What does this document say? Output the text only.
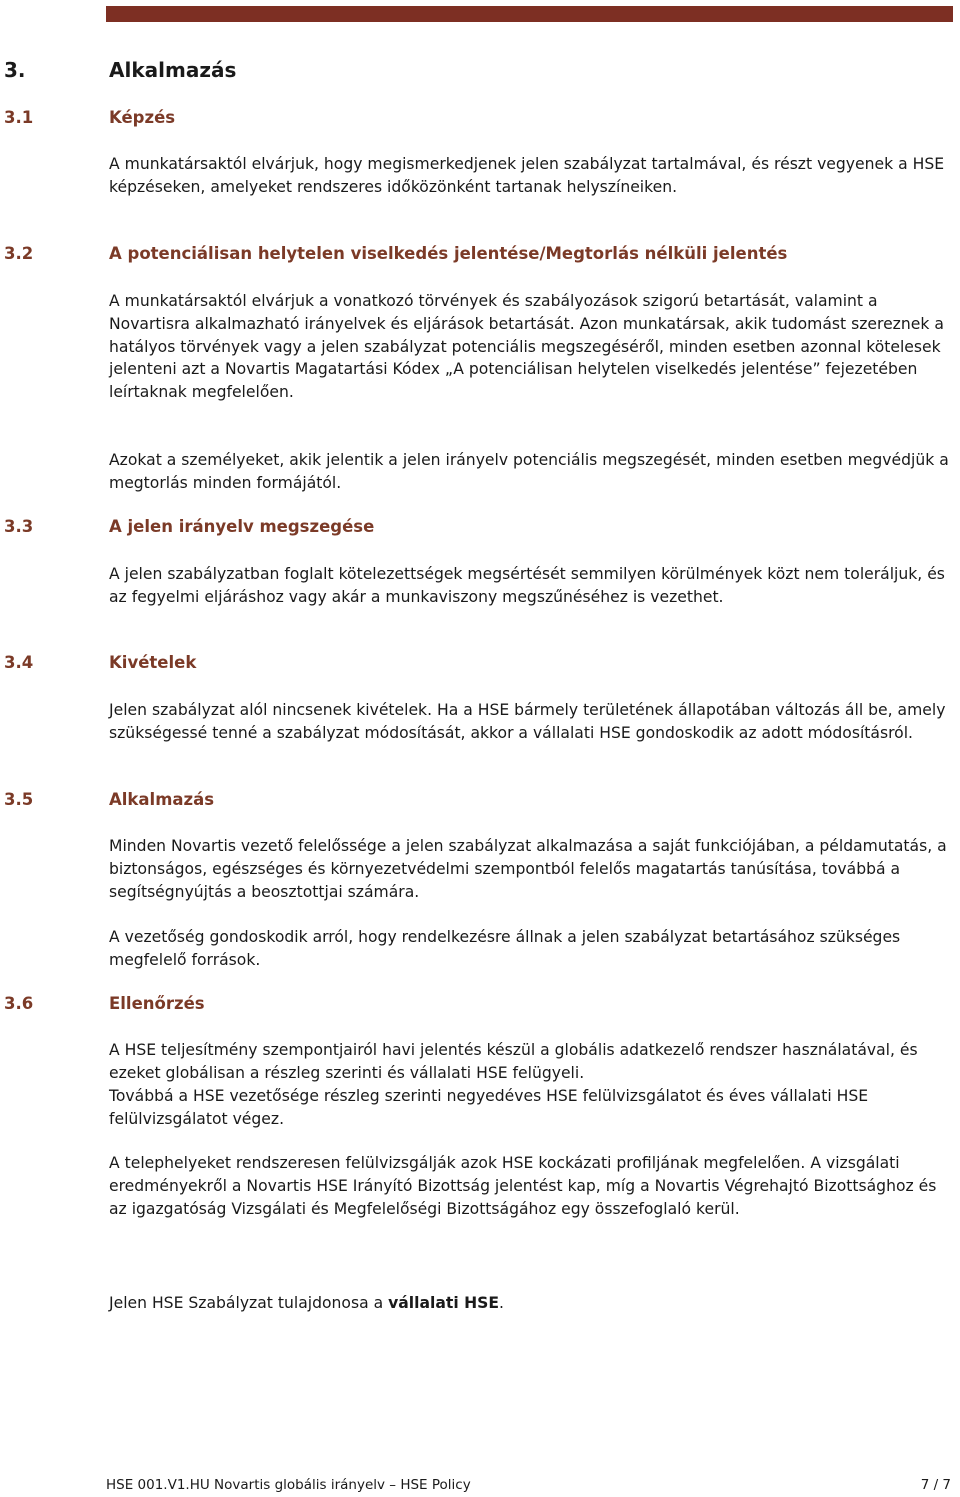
3.	Alkalmazás
3.1	Képzés

A munkatársaktól elvárjuk, hogy megismerkedjenek jelen szabályzat tartalmával, és részt vegyenek a HSE képzéseken, amelyeket rendszeres időközönként tartanak helyszíneiken.

3.2	A potenciálisan helytelen viselkedés jelentése/Megtorlás nélküli jelentés

A munkatársaktól elvárjuk a vonatkozó törvények és szabályozások szigorú betartását, valamint a Novartisra alkalmazható irányelvek és eljárások betartását. Azon munkatársak, akik tudomást szereznek a hatályos törvények vagy a jelen szabályzat potenciális megszegéséről, minden esetben azonnal kötelesek jelenteni azt a Novartis Magatartási Kódex „A potenciálisan helytelen viselkedés jelentése” fejezetében leírtaknak megfelelően.

Azokat a személyeket, akik jelentik a jelen irányelv potenciális megszegését, minden esetben megvédjük a megtorlás minden formájától.

3.3	A jelen irányelv megszegése

A jelen szabályzatban foglalt kötelezettségek megsértését semmilyen körülmények közt nem toleráljuk, és az fegyelmi eljáráshoz vagy akár a munkaviszony megszűnéséhez is vezethet.

3.4	Kivételek

Jelen szabályzat alól nincsenek kivételek. Ha a HSE bármely területének állapotában változás áll be, amely szükségessé tenné a szabályzat módosítását, akkor a vállalati HSE gondoskodik az adott módosításról.

3.5	Alkalmazás

Minden Novartis vezető felelőssége a jelen szabályzat alkalmazása a saját funkciójában, a példamutatás, a biztonságos, egészséges és környezetvédelmi szempontból felelős magatartás tanúsítása, továbbá a segítségnyújtás a beosztottjai számára.

A vezetőség gondoskodik arról, hogy rendelkezésre állnak a jelen szabályzat betartásához szükséges megfelelő források.

3.6	Ellenőrzés

A HSE teljesítmény szempontjairól havi jelentés készül a globális adatkezelő rendszer használatával, és ezeket globálisan a részleg szerinti és vállalati HSE felügyeli.

Továbbá a HSE vezetősége részleg szerinti negyedéves HSE felülvizsgálatot és éves vállalati HSE felülvizsgálatot végez.

A telephelyeket rendszeresen felülvizsgálják azok HSE kockázati profiljának megfelelően. A vizsgálati eredményekről a Novartis HSE Irányító Bizottság jelentést kap, míg a Novartis Végrehajtó Bizottsághoz és az igazgatóság Vizsgálati és Megfelelőségi Bizottságához egy összefoglaló kerül.

Jelen HSE Szabályzat tulajdonosa a vállalati HSE.

HSE 001.V1.HU Novartis globális irányelv – HSE Policy	7 / 7
